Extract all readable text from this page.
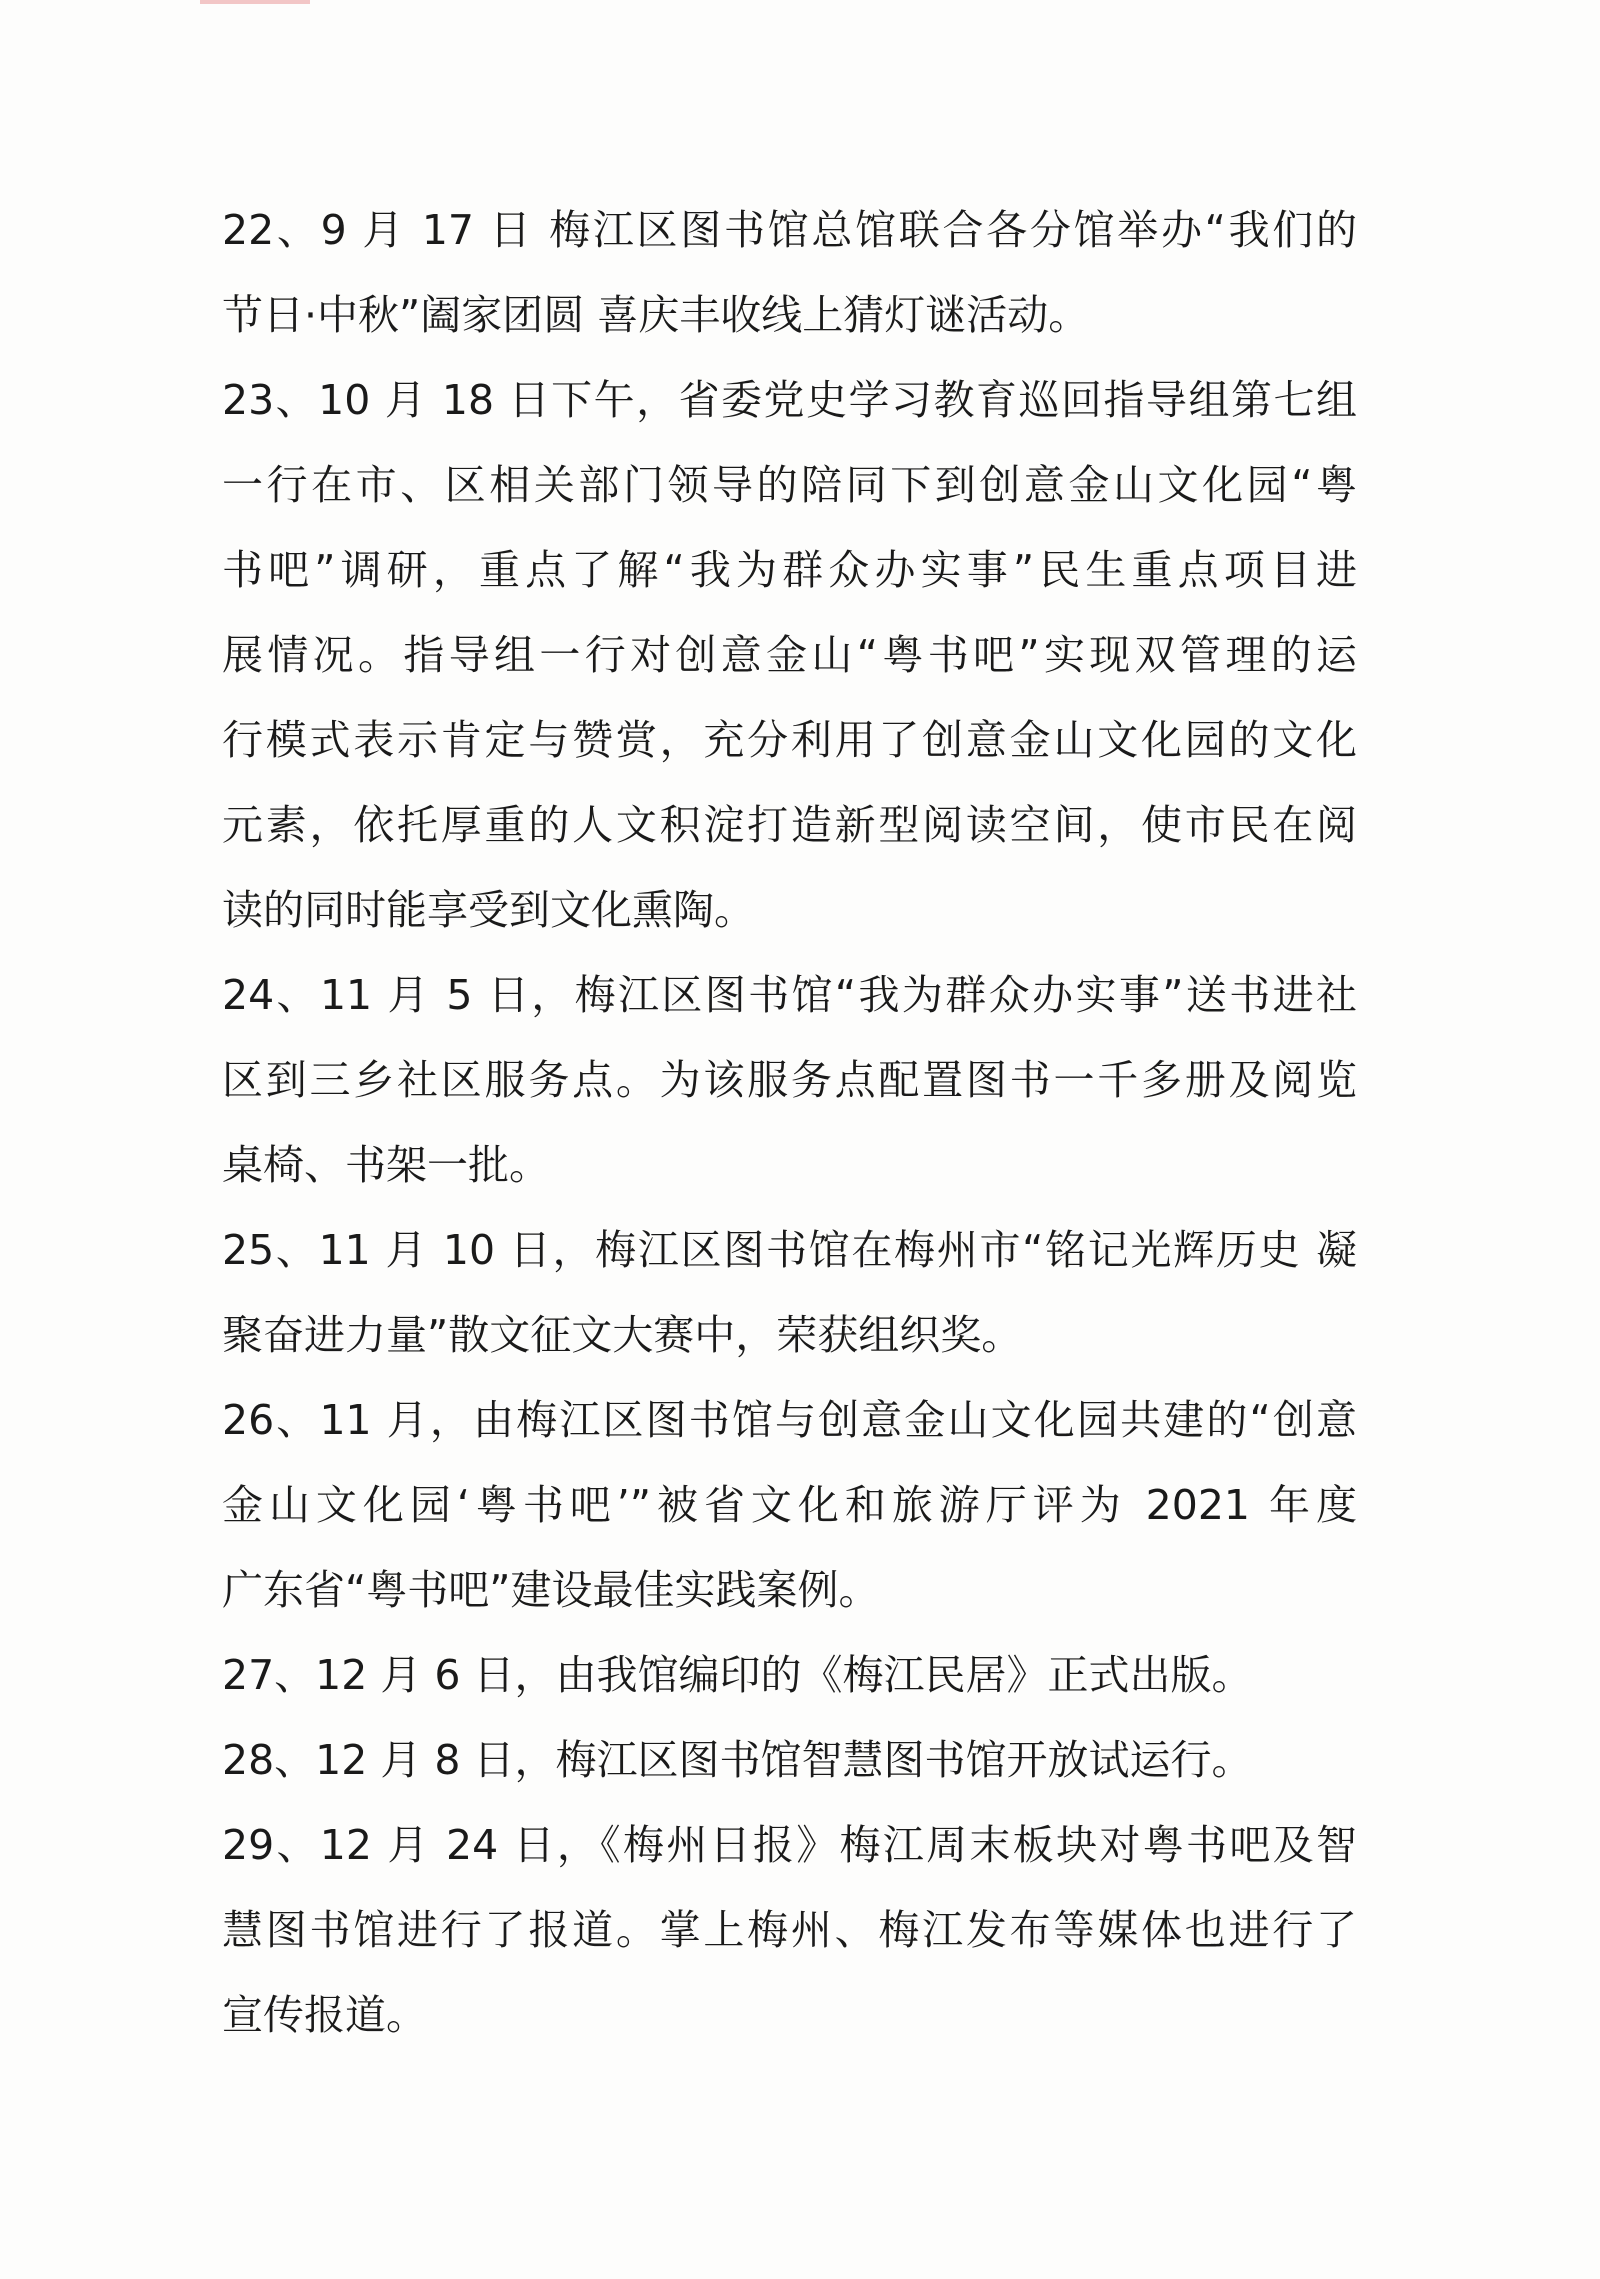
22、9 月 17 日 梅江区图书馆总馆联合各分馆举办“我们的
节日·中秋”阖家团圆 喜庆丰收线上猜灯谜活动。
23、10 月 18 日下午，省委党史学习教育巡回指导组第七组
一行在市、区相关部门领导的陪同下到创意金山文化园“粤
书吧”调研，重点了解“我为群众办实事”民生重点项目进
展情况。指导组一行对创意金山“粤书吧”实现双管理的运
行模式表示肯定与赞赏，充分利用了创意金山文化园的文化
元素，依托厚重的人文积淀打造新型阅读空间，使市民在阅
读的同时能享受到文化熏陶。
24、11 月 5 日，梅江区图书馆“我为群众办实事”送书进社
区到三乡社区服务点。为该服务点配置图书一千多册及阅览
桌椅、书架一批。
25、11 月 10 日，梅江区图书馆在梅州市“铭记光辉历史 凝
聚奋进力量”散文征文大赛中，荣获组织奖。
26、11 月，由梅江区图书馆与创意金山文化园共建的“创意
金山文化园‘粤书吧’”被省文化和旅游厅评为 2021 年度
广东省“粤书吧”建设最佳实践案例。
27、12 月 6 日，由我馆编印的《梅江民居》正式出版。
28、12 月 8 日，梅江区图书馆智慧图书馆开放试运行。
29、12 月 24 日，《梅州日报》梅江周末板块对粤书吧及智
慧图书馆进行了报道。掌上梅州、梅江发布等媒体也进行了
宣传报道。
